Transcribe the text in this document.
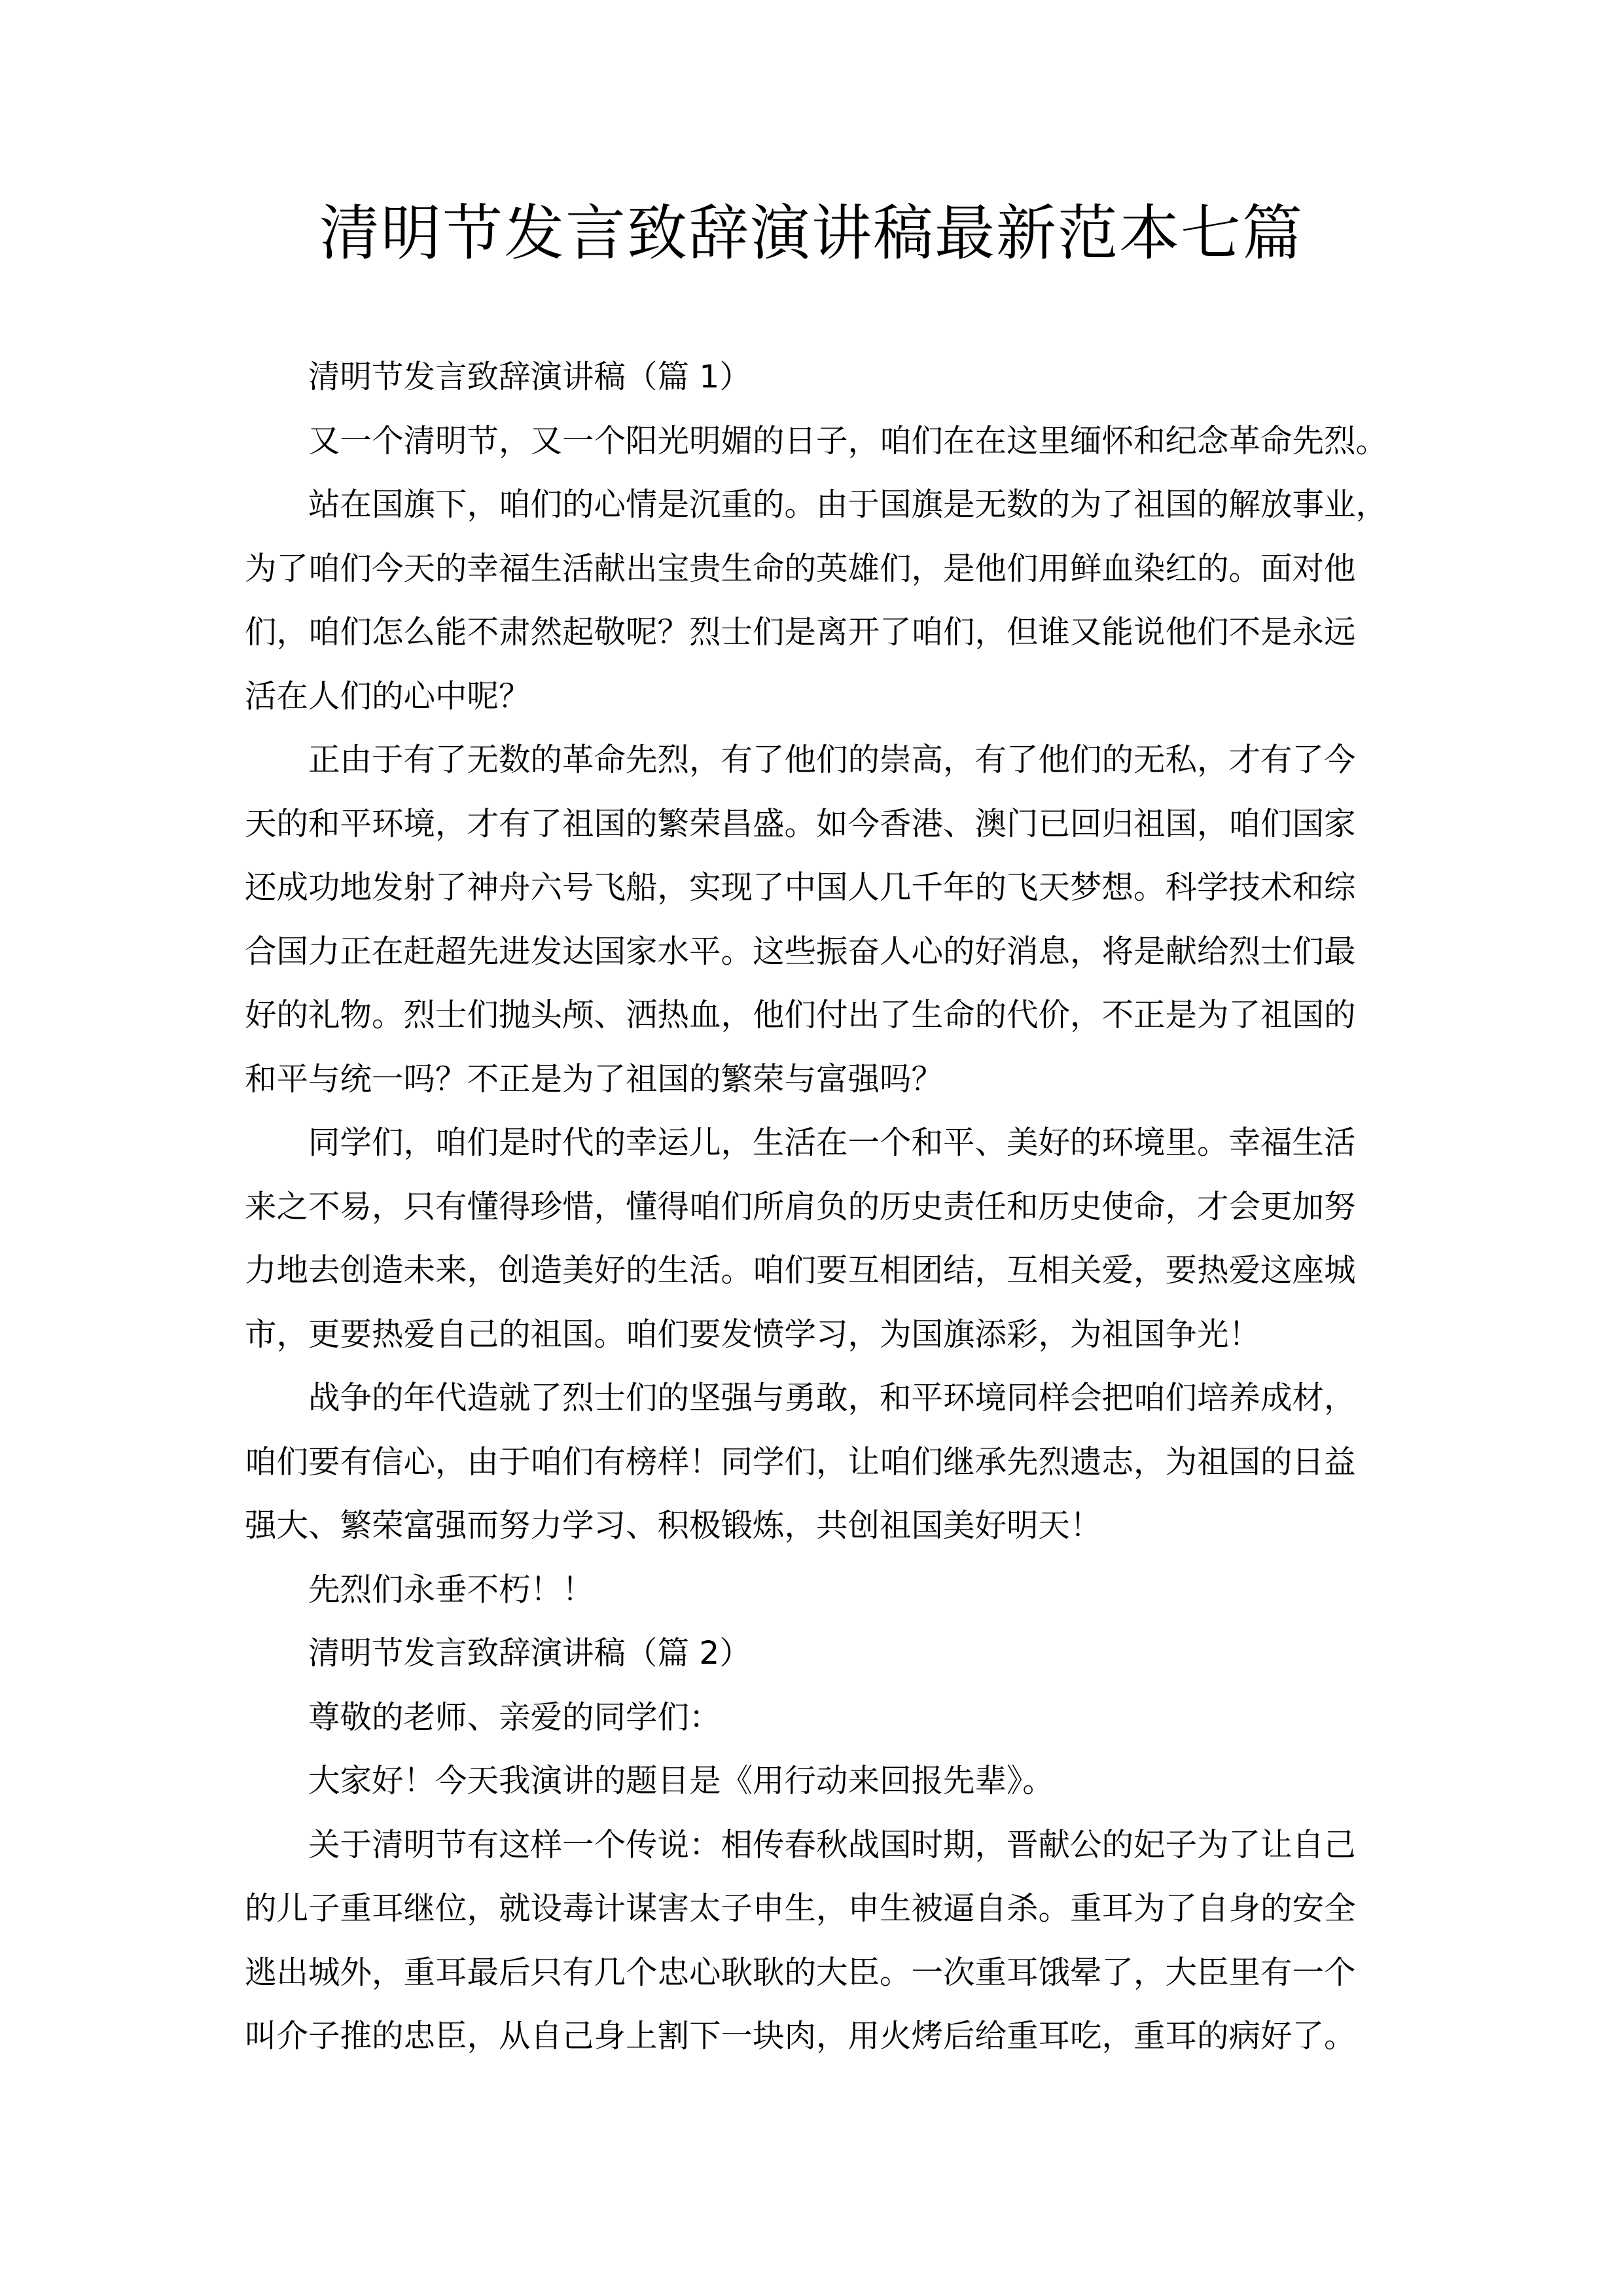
清明节发言致辞演讲稿最新范本七篇
清明节发言致辞演讲稿（篇 1）
又一个清明节，又一个阳光明媚的日子，咱们在在这里缅怀和纪念革命先烈。
站在国旗下，咱们的心情是沉重的。由于国旗是无数的为了祖国的解放事业，
为了咱们今天的幸福生活献出宝贵生命的英雄们，是他们用鲜血染红的。面对他
们，咱们怎么能不肃然起敬呢？烈士们是离开了咱们，但谁又能说他们不是永远
活在人们的心中呢？
正由于有了无数的革命先烈，有了他们的崇高，有了他们的无私，才有了今
天的和平环境，才有了祖国的繁荣昌盛。如今香港、澳门已回归祖国，咱们国家
还成功地发射了神舟六号飞船，实现了中国人几千年的飞天梦想。科学技术和综
合国力正在赶超先进发达国家水平。这些振奋人心的好消息，将是献给烈士们最
好的礼物。烈士们抛头颅、洒热血，他们付出了生命的代价，不正是为了祖国的
和平与统一吗？不正是为了祖国的繁荣与富强吗？
同学们，咱们是时代的幸运儿，生活在一个和平、美好的环境里。幸福生活
来之不易，只有懂得珍惜，懂得咱们所肩负的历史责任和历史使命，才会更加努
力地去创造未来，创造美好的生活。咱们要互相团结，互相关爱，要热爱这座城
市，更要热爱自己的祖国。咱们要发愤学习，为国旗添彩，为祖国争光！
战争的年代造就了烈士们的坚强与勇敢，和平环境同样会把咱们培养成材，
咱们要有信心，由于咱们有榜样！同学们，让咱们继承先烈遗志，为祖国的日益
强大、繁荣富强而努力学习、积极锻炼，共创祖国美好明天！
先烈们永垂不朽！！
清明节发言致辞演讲稿（篇 2）
尊敬的老师、亲爱的同学们：
大家好！今天我演讲的题目是《用行动来回报先辈》。
关于清明节有这样一个传说：相传春秋战国时期，晋献公的妃子为了让自己
的儿子重耳继位，就设毒计谋害太子申生，申生被逼自杀。重耳为了自身的安全
逃出城外，重耳最后只有几个忠心耿耿的大臣。一次重耳饿晕了，大臣里有一个
叫介子推的忠臣，从自己身上割下一块肉，用火烤后给重耳吃，重耳的病好了。
